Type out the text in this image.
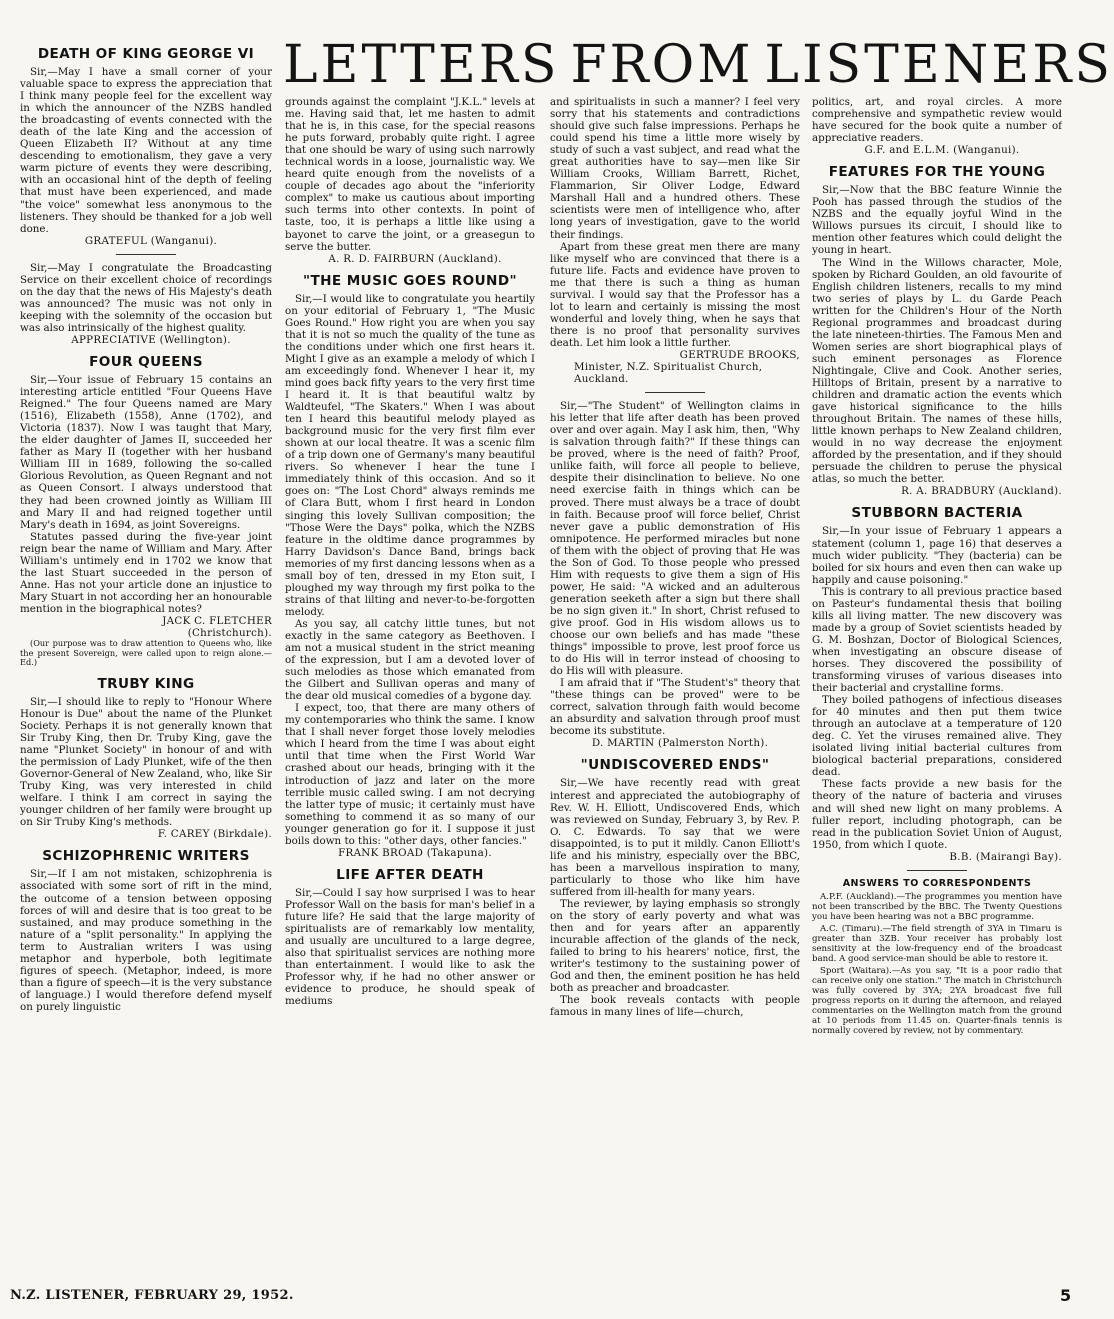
LETTERS FROM LISTENERS
DEATH OF KING GEORGE VI

Sir,—May I have a small corner of your valuable space to express the appreciation that I think many people feel for the excellent way in which the announcer of the NZBS handled the broadcasting of events connected with the death of the late King and the accession of Queen Elizabeth II? Without at any time descending to emotionalism, they gave a very warm picture of events they were describing, with an occasional hint of the depth of feeling that must have been experienced, and made "the voice" somewhat less anonymous to the listeners. They should be thanked for a job well done.

GRATEFUL (Wanganui).

Sir,—May I congratulate the Broadcasting Service on their excellent choice of recordings on the day that the news of His Majesty's death was announced? The music was not only in keeping with the solemnity of the occasion but was also intrinsically of the highest quality.

APPRECIATIVE (Wellington).

FOUR QUEENS

Sir,—Your issue of February 15 contains an interesting article entitled "Four Queens Have Reigned." The four Queens named are Mary (1516), Elizabeth (1558), Anne (1702), and Victoria (1837). Now I was taught that Mary, the elder daughter of James II, succeeded her father as Mary II (together with her husband William III in 1689, following the so-called Glorious Revolution, as Queen Regnant and not as Queen Consort. I always understood that they had been crowned jointly as William III and Mary II and had reigned together until Mary's death in 1694, as joint Sovereigns.

Statutes passed during the five-year joint reign bear the name of William and Mary. After William's untimely end in 1702 we know that the last Stuart succeeded in the person of Anne. Has not your article done an injustice to Mary Stuart in not according her an honourable mention in the biographical notes?

JACK C. FLETCHER

(Christchurch).

(Our purpose was to draw attention to Queens who, like the present Sovereign, were called upon to reign alone.—Ed.)

TRUBY KING

Sir,—I should like to reply to "Honour Where Honour is Due" about the name of the Plunket Society. Perhaps it is not generally known that Sir Truby King, then Dr. Truby King, gave the name "Plunket Society" in honour of and with the permission of Lady Plunket, wife of the then Governor-General of New Zealand, who, like Sir Truby King, was very interested in child welfare. I think I am correct in saying the younger children of her family were brought up on Sir Truby King's methods.

F. CAREY (Birkdale).

SCHIZOPHRENIC WRITERS

Sir,—If I am not mistaken, schizophrenia is associated with some sort of rift in the mind, the outcome of a tension between opposing forces of will and desire that is too great to be sustained, and may produce something in the nature of a "split personality." In applying the term to Australian writers I was using metaphor and hyperbole, both legitimate figures of speech. (Metaphor, indeed, is more than a figure of speech—it is the very substance of language.) I would therefore defend myself on purely linguistic

grounds against the complaint "J.K.L." levels at me. Having said that, let me hasten to admit that he is, in this case, for the special reasons he puts forward, probably quite right. I agree that one should be wary of using such narrowly technical words in a loose, journalistic way. We heard quite enough from the novelists of a couple of decades ago about the "inferiority complex" to make us cautious about importing such terms into other contexts. In point of taste, too, it is perhaps a little like using a bayonet to carve the joint, or a greasegun to serve the butter.

A. R. D. FAIRBURN (Auckland).

"THE MUSIC GOES ROUND"

Sir,—I would like to congratulate you heartily on your editorial of February 1, "The Music Goes Round." How right you are when you say that it is not so much the quality of the tune as the conditions under which one first hears it. Might I give as an example a melody of which I am exceedingly fond. Whenever I hear it, my mind goes back fifty years to the very first time I heard it. It is that beautiful waltz by Waldteufel, "The Skaters." When I was about ten I heard this beautiful melody played as background music for the very first film ever shown at our local theatre. It was a scenic film of a trip down one of Germany's many beautiful rivers. So whenever I hear the tune I immediately think of this occasion. And so it goes on: "The Lost Chord" always reminds me of Clara Butt, whom I first heard in London singing this lovely Sullivan composition; the "Those Were the Days" polka, which the NZBS feature in the oldtime dance programmes by Harry Davidson's Dance Band, brings back memories of my first dancing lessons when as a small boy of ten, dressed in my Eton suit, I ploughed my way through my first polka to the strains of that lilting and never-to-be-forgotten melody.

As you say, all catchy little tunes, but not exactly in the same category as Beethoven. I am not a musical student in the strict meaning of the expression, but I am a devoted lover of such melodies as those which emanated from the Gilbert and Sullivan operas and many of the dear old musical comedies of a bygone day.

I expect, too, that there are many others of my contemporaries who think the same. I know that I shall never forget those lovely melodies which I heard from the time I was about eight until that time when the First World War crashed about our heads, bringing with it the introduction of jazz and later on the more terrible music called swing. I am not decrying the latter type of music; it certainly must have something to commend it as so many of our younger generation go for it. I suppose it just boils down to this: "other days, other fancies."

FRANK BROAD (Takapuna).

LIFE AFTER DEATH

Sir,—Could I say how surprised I was to hear Professor Wall on the basis for man's belief in a future life? He said that the large majority of spiritualists are of remarkably low mentality, and usually are uncultured to a large degree, also that spiritualist services are nothing more than entertainment. I would like to ask the Professor why, if he had no other answer or evidence to produce, he should speak of mediums

and spiritualists in such a manner? I feel very sorry that his statements and contradictions should give such false impressions. Perhaps he could spend his time a little more wisely by study of such a vast subject, and read what the great authorities have to say—men like Sir William Crooks, William Barrett, Richet, Flammarion, Sir Oliver Lodge, Edward Marshall Hall and a hundred others. These scientists were men of intelligence who, after long years of investigation, gave to the world their findings.

Apart from these great men there are many like myself who are convinced that there is a future life. Facts and evidence have proven to me that there is such a thing as human survival. I would say that the Professor has a lot to learn and certainly is missing the most wonderful and lovely thing, when he says that there is no proof that personality survives death. Let him look a little further.

GERTRUDE BROOKS,

Minister, N.Z. Spiritualist Church,

Auckland.

Sir,—"The Student" of Wellington claims in his letter that life after death has been proved over and over again. May I ask him, then, "Why is salvation through faith?" If these things can be proved, where is the need of faith? Proof, unlike faith, will force all people to believe, despite their disinclination to believe. No one need exercise faith in things which can be proved. There must always be a trace of doubt in faith. Because proof will force belief, Christ never gave a public demonstration of His omnipotence. He performed miracles but none of them with the object of proving that He was the Son of God. To those people who pressed Him with requests to give them a sign of His power, He said: "A wicked and an adulterous generation seeketh after a sign but there shall be no sign given it." In short, Christ refused to give proof. God in His wisdom allows us to choose our own beliefs and has made "these things" impossible to prove, lest proof force us to do His will in terror instead of choosing to do His will with pleasure.

I am afraid that if "The Student's" theory that "these things can be proved" were to be correct, salvation through faith would become an absurdity and salvation through proof must become its substitute.

D. MARTIN (Palmerston North).

"UNDISCOVERED ENDS"

Sir,—We have recently read with great interest and appreciated the autobiography of Rev. W. H. Elliott, Undiscovered Ends, which was reviewed on Sunday, February 3, by Rev. P. O. C. Edwards. To say that we were disappointed, is to put it mildly. Canon Elliott's life and his ministry, especially over the BBC, has been a marvellous inspiration to many, particularly to those who like him have suffered from ill-health for many years.

The reviewer, by laying emphasis so strongly on the story of early poverty and what was then and for years after an apparently incurable affection of the glands of the neck, failed to bring to his hearers' notice, first, the writer's testimony to the sustaining power of God and then, the eminent position he has held both as preacher and broadcaster.

The book reveals contacts with people famous in many lines of life—church,

politics, art, and royal circles. A more comprehensive and sympathetic review would have secured for the book quite a number of appreciative readers.

G.F. and E.L.M. (Wanganui).

FEATURES FOR THE YOUNG

Sir,—Now that the BBC feature Winnie the Pooh has passed through the studios of the NZBS and the equally joyful Wind in the Willows pursues its circuit, I should like to mention other features which could delight the young in heart.

The Wind in the Willows character, Mole, spoken by Richard Goulden, an old favourite of English children listeners, recalls to my mind two series of plays by L. du Garde Peach written for the Children's Hour of the North Regional programmes and broadcast during the late nineteen-thirties. The Famous Men and Women series are short biographical plays of such eminent personages as Florence Nightingale, Clive and Cook. Another series, Hilltops of Britain, present by a narrative to children and dramatic action the events which gave historical significance to the hills throughout Britain. The names of these hills, little known perhaps to New Zealand children, would in no way decrease the enjoyment afforded by the presentation, and if they should persuade the children to peruse the physical atlas, so much the better.

R. A. BRADBURY (Auckland).

STUBBORN BACTERIA

Sir,—In your issue of February 1 appears a statement (column 1, page 16) that deserves a much wider publicity. "They (bacteria) can be boiled for six hours and even then can wake up happily and cause poisoning."

This is contrary to all previous practice based on Pasteur's fundamental thesis that boiling kills all living matter. The new discovery was made by a group of Soviet scientists headed by G. M. Boshzan, Doctor of Biological Sciences, when investigating an obscure disease of horses. They discovered the possibility of transforming viruses of various diseases into their bacterial and crystalline forms.

They boiled pathogens of infectious diseases for 40 minutes and then put them twice through an autoclave at a temperature of 120 deg. C. Yet the viruses remained alive. They isolated living initial bacterial cultures from biological bacterial preparations, considered dead.

These facts provide a new basis for the theory of the nature of bacteria and viruses and will shed new light on many problems. A fuller report, including photograph, can be read in the publication Soviet Union of August, 1950, from which I quote.

B.B. (Mairangi Bay).

ANSWERS TO CORRESPONDENTS

A.P.F. (Auckland).—The programmes you mention have not been transcribed by the BBC. The Twenty Questions you have been hearing was not a BBC programme.

A.C. (Timaru).—The field strength of 3YA in Timaru is greater than 3ZB. Your receiver has probably lost sensitivity at the low-frequency end of the broadcast band. A good service-man should be able to restore it.

Sport (Waitara).—As you say, "It is a poor radio that can receive only one station." The match in Christchurch was fully covered by 3YA; 2YA broadcast five full progress reports on it during the afternoon, and relayed commentaries on the Wellington match from the ground at 10 periods from 11.45 on. Quarter-finals tennis is normally covered by review, not by commentary.

N.Z. LISTENER, FEBRUARY 29, 1952.	5
